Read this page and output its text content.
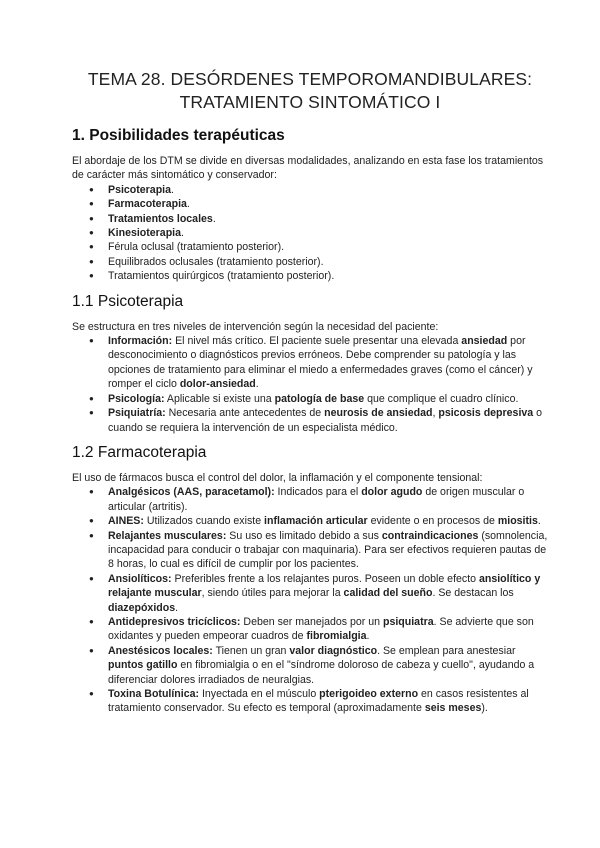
TEMA 28. DESÓRDENES TEMPOROMANDIBULARES: TRATAMIENTO SINTOMÁTICO I
1. Posibilidades terapéuticas

El abordaje de los DTM se divide en diversas modalidades, analizando en esta fase los tratamientos de carácter más sintomático y conservador:

● Psicoterapia.
● Farmacoterapia.
● Tratamientos locales.
● Kinesioterapia.
● Férula oclusal (tratamiento posterior).
● Equilibrados oclusales (tratamiento posterior).
● Tratamientos quirúrgicos (tratamiento posterior).
1.1 Psicoterapia

Se estructura en tres niveles de intervención según la necesidad del paciente:

● Información: El nivel más crítico. El paciente suele presentar una elevada ansiedad por desconocimiento o diagnósticos previos erróneos. Debe comprender su patología y las opciones de tratamiento para eliminar el miedo a enfermedades graves (como el cáncer) y romper el ciclo dolor-ansiedad.
● Psicología: Aplicable si existe una patología de base que complique el cuadro clínico.
● Psiquiatría: Necesaria ante antecedentes de neurosis de ansiedad, psicosis depresiva o cuando se requiera la intervención de un especialista médico.
1.2 Farmacoterapia

El uso de fármacos busca el control del dolor, la inflamación y el componente tensional:

● Analgésicos (AAS, paracetamol): Indicados para el dolor agudo de origen muscular o articular (artritis).
● AINES: Utilizados cuando existe inflamación articular evidente o en procesos de miositis.
● Relajantes musculares: Su uso es limitado debido a sus contraindicaciones (somnolencia, incapacidad para conducir o trabajar con maquinaria). Para ser efectivos requieren pautas de 8 horas, lo cual es difícil de cumplir por los pacientes.
● Ansiolíticos: Preferibles frente a los relajantes puros. Poseen un doble efecto ansiolítico y relajante muscular, siendo útiles para mejorar la calidad del sueño. Se destacan los diazepóxidos.
● Antidepresivos tricíclicos: Deben ser manejados por un psiquiatra. Se advierte que son oxidantes y pueden empeorar cuadros de fibromialgia.
● Anestésicos locales: Tienen un gran valor diagnóstico. Se emplean para anestesiar puntos gatillo en fibromialgia o en el "síndrome doloroso de cabeza y cuello", ayudando a diferenciar dolores irradiados de neuralgias.
● Toxina Botulínica: Inyectada en el músculo pterigoideo externo en casos resistentes al tratamiento conservador. Su efecto es temporal (aproximadamente seis meses).
